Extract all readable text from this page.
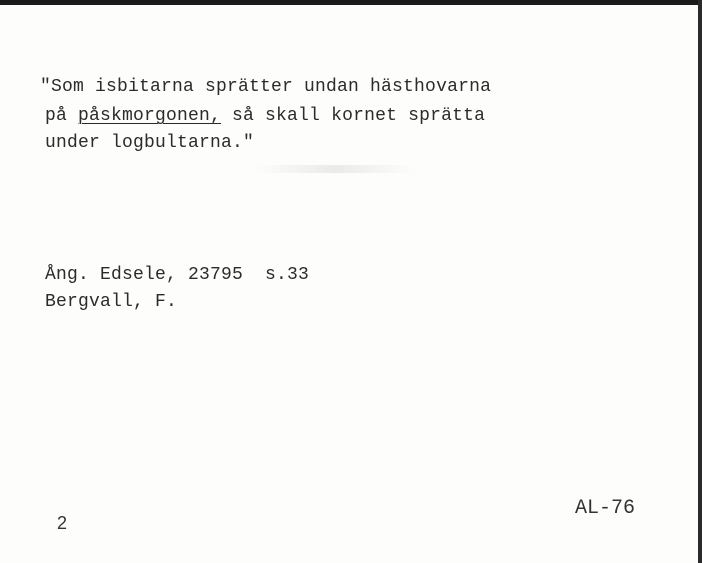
"Som isbitarna sprätter undan hästhovarna
på påskmorgonen, så skall kornet sprätta
under logbultarna."
Ång. Edsele, 23795  s.33
Bergvall, F.
2
AL-76
